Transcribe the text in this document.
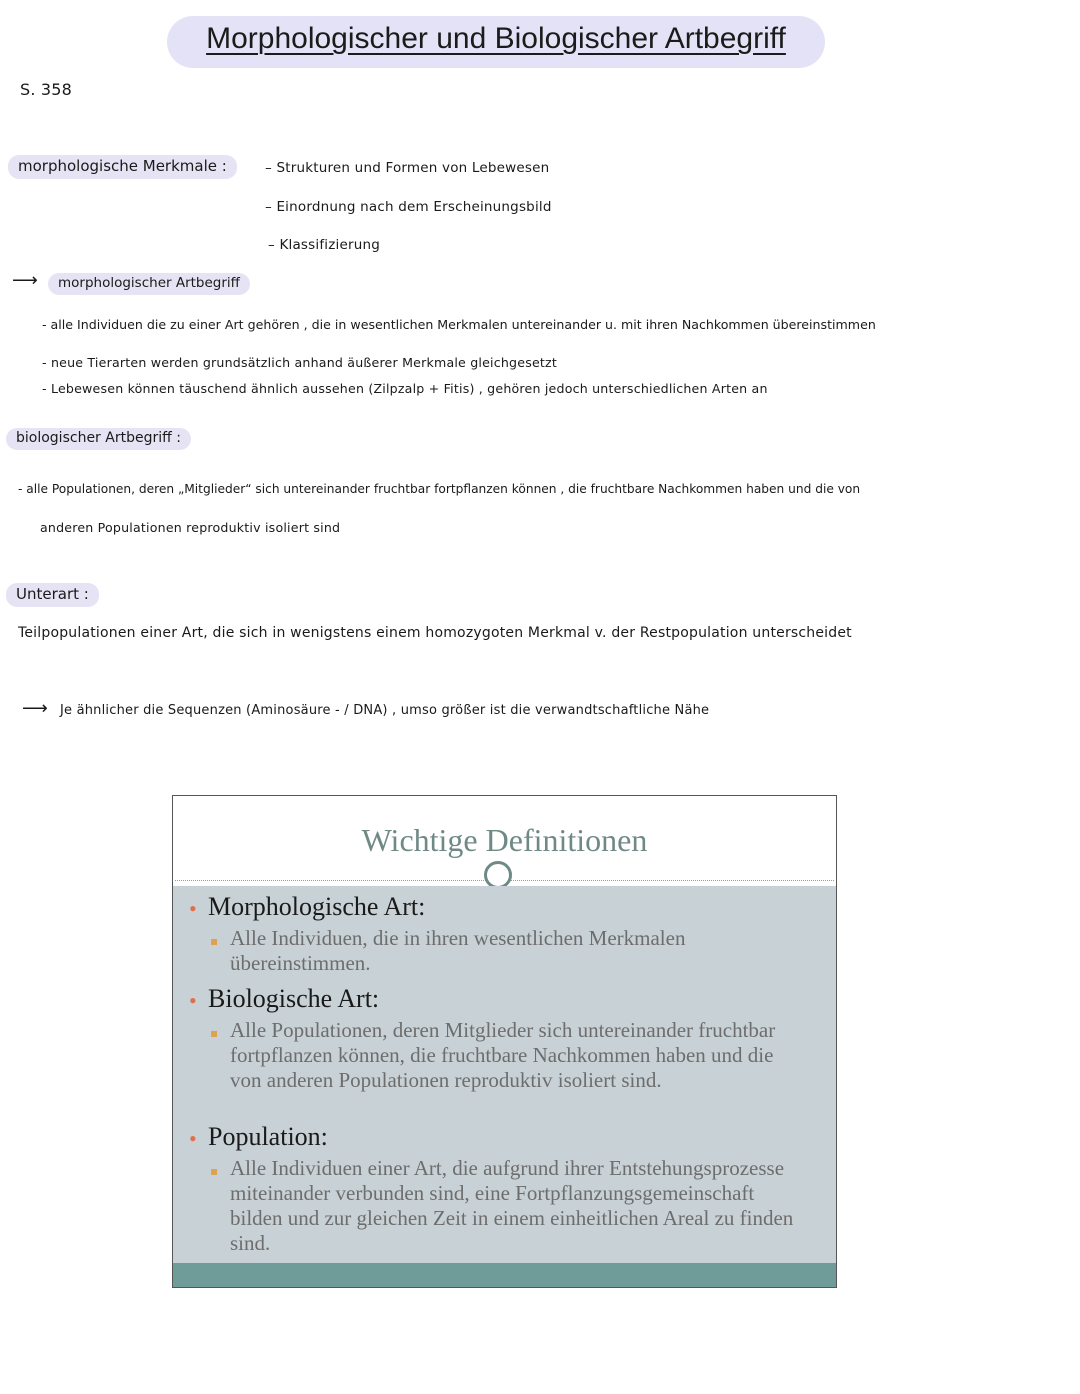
Morphologischer und Biologischer Artbegriff
S. 358
morphologische Merkmale :	– Strukturen und Formen von Lebewesen
– Einordnung nach dem Erscheinungsbild
– Klassifizierung
⟶	morphologischer Artbegriff
- alle Individuen die zu einer Art gehören , die in wesentlichen Merkmalen untereinander u. mit ihren Nachkommen übereinstimmen
- neue Tierarten werden grundsätzlich anhand äußerer Merkmale gleichgesetzt
- Lebewesen können täuschend ähnlich aussehen (Zilpzalp + Fitis) , gehören jedoch unterschiedlichen Arten an
biologischer Artbegriff :
- alle Populationen, deren „Mitglieder“ sich untereinander fruchtbar fortpflanzen können , die fruchtbare Nachkommen haben und die von
anderen Populationen reproduktiv isoliert sind
Unterart :
Teilpopulationen einer Art, die sich in wenigstens einem homozygoten Merkmal v. der Restpopulation unterscheidet
⟶ Je ähnlicher die Sequenzen (Aminosäure - / DNA) , umso größer ist die verwandtschaftliche Nähe
Wichtige Definitionen
• Morphologische Art:
▪ Alle Individuen, die in ihren wesentlichen Merkmalen übereinstimmen.
• Biologische Art:
▪ Alle Populationen, deren Mitglieder sich untereinander fruchtbar fortpflanzen können, die fruchtbare Nachkommen haben und die von anderen Populationen reproduktiv isoliert sind.
• Population:
▪ Alle Individuen einer Art, die aufgrund ihrer Entstehungsprozesse miteinander verbunden sind, eine Fortpflanzungsgemeinschaft bilden und zur gleichen Zeit in einem einheitlichen Areal zu finden sind.
